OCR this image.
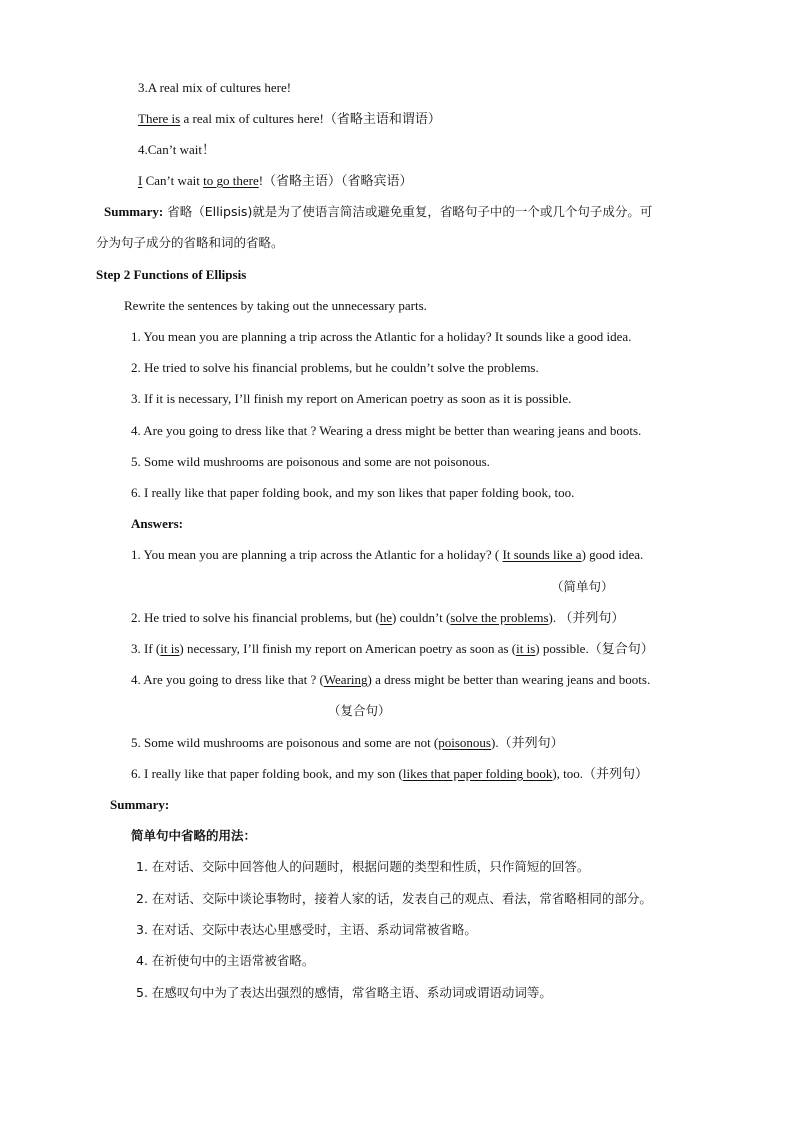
3.A real mix of cultures here!
There is a real mix of cultures here!（省略主语和谓语）
4.Can’t wait！
I Can’t wait to go there!（省略主语）（省略宾语）
Summary: 省略（Ellipsis)就是为了使语言简洁或避免重复，省略句子中的一个或几个句子成分。可
分为句子成分的省略和词的省略。
Step 2 Functions of Ellipsis
Rewrite the sentences by taking out the unnecessary parts.
1. You mean you are planning a trip across the Atlantic for a holiday? It sounds like a good idea.
2. He tried to solve his financial problems, but he couldn’t solve the problems.
3. If it is necessary, I’ll finish my report on American poetry as soon as it is possible.
4. Are you going to dress like that ? Wearing a dress might be better than wearing jeans and boots.
5. Some wild mushrooms are poisonous and some are not poisonous.
6. I really like that paper folding book, and my son likes that paper folding book, too.
Answers:
1. You mean you are planning a trip across the Atlantic for a holiday? ( It sounds like a) good idea.
（简单句）
2. He tried to solve his financial problems, but (he) couldn’t (solve the problems). （并列句）
3. If (it is) necessary, I’ll finish my report on American poetry as soon as (it is) possible.（复合句）
4. Are you going to dress like that ? (Wearing) a dress might be better than wearing jeans and boots.
（复合句）
5. Some wild mushrooms are poisonous and some are not (poisonous).（并列句）
6. I really like that paper folding book, and my son (likes that paper folding book), too.（并列句）
Summary:
简单句中省略的用法：
1. 在对话、交际中回答他人的问题时，根据问题的类型和性质，只作简短的回答。
2. 在对话、交际中谈论事物时，接着人家的话，发表自己的观点、看法，常省略相同的部分。
3. 在对话、交际中表达心里感受时，主语、系动词常被省略。
4. 在祈使句中的主语常被省略。
5. 在感叹句中为了表达出强烈的感情，常省略主语、系动词或谓语动词等。
